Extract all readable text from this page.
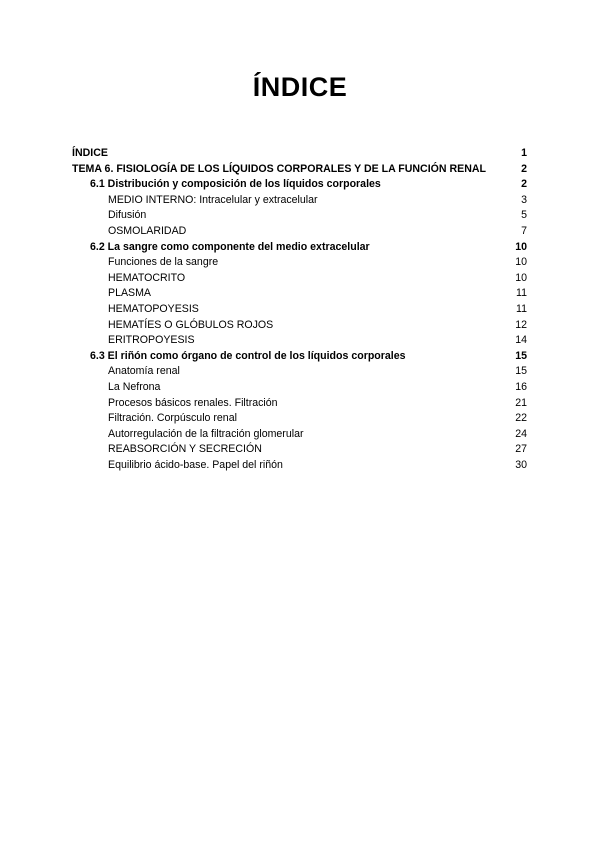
ÍNDICE
ÍNDICE	1
TEMA 6. FISIOLOGÍA DE LOS LÍQUIDOS CORPORALES Y DE LA FUNCIÓN RENAL	2
6.1 Distribución y composición de los líquidos corporales	2
MEDIO INTERNO: Intracelular y extracelular	3
Difusión	5
OSMOLARIDAD	7
6.2 La sangre como componente del medio extracelular	10
Funciones de la sangre	10
HEMATOCRITO	10
PLASMA	11
HEMATOPOYESIS	11
HEMATÍES O GLÓBULOS ROJOS	12
ERITROPOYESIS	14
6.3 El riñón como órgano de control de los líquidos corporales	15
Anatomía renal	15
La Nefrona	16
Procesos básicos renales. Filtración	21
Filtración. Corpúsculo renal	22
Autorregulación de la filtración glomerular	24
REABSORCIÓN Y SECRECIÓN	27
Equilibrio ácido-base. Papel del riñón	30
